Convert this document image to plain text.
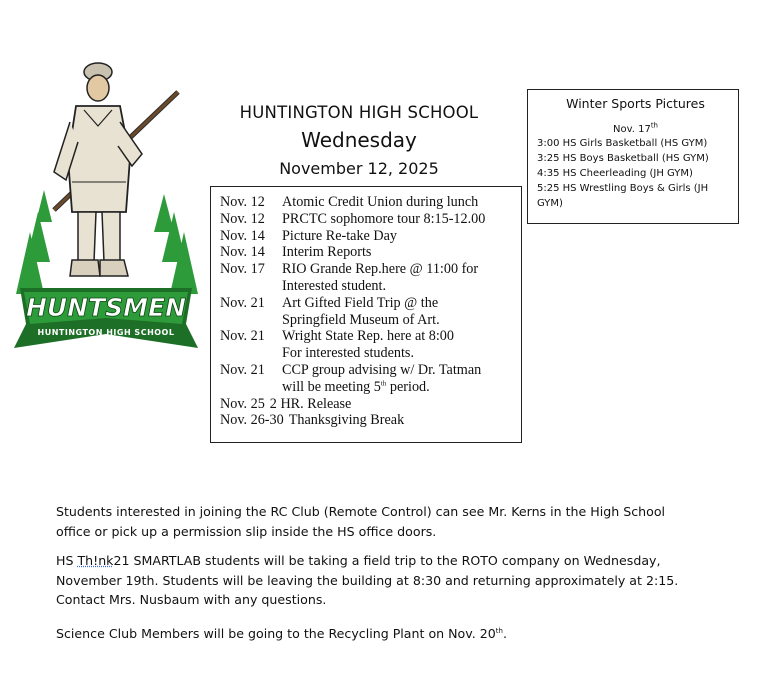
HUNTSMEN
HUNTINGTON HIGH SCHOOL
HUNTINGTON HIGH SCHOOL
Wednesday
November 12, 2025
Nov. 12	Atomic Credit Union during lunch
Nov. 12	PRCTC sophomore tour 8:15-12.00
Nov. 14	Picture Re-take Day
Nov. 14	Interim Reports
Nov. 17	RIO Grande Rep.here @ 11:00 for
Interested student.
Nov. 21	Art Gifted Field Trip @ the
Springfield Museum of Art.
Nov. 21	Wright State Rep. here at 8:00
For interested students.
Nov. 21	CCP group advising w/ Dr. Tatman
will be meeting 5th period.
Nov. 25 2 HR. Release
Nov. 26-30 Thanksgiving Break
Winter Sports Pictures
Nov. 17th
3:00 HS Girls Basketball (HS GYM)
3:25 HS Boys Basketball (HS GYM)
4:35 HS Cheerleading (JH GYM)
5:25 HS Wrestling Boys & Girls (JH GYM)
Students interested in joining the RC Club (Remote Control) can see Mr. Kerns in the High School office or pick up a permission slip inside the HS office doors.
HS Th!nk21 SMARTLAB students will be taking a field trip to the ROTO company on Wednesday, November 19th. Students will be leaving the building at 8:30 and returning approximately at 2:15. Contact Mrs. Nusbaum with any questions.
Science Club Members will be going to the Recycling Plant on Nov. 20th.
